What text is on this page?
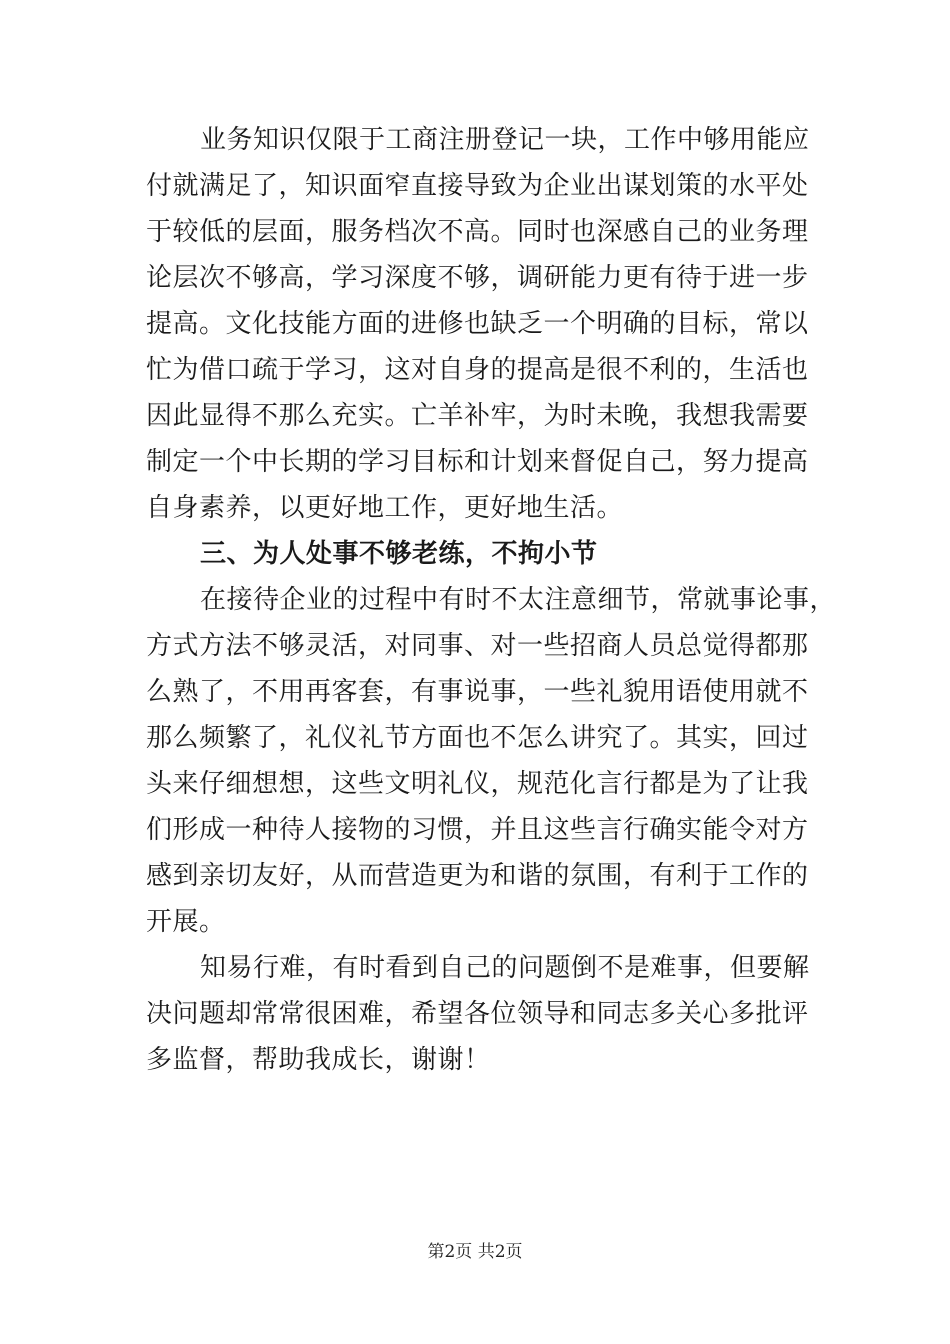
业务知识仅限于工商注册登记一块，工作中够用能应
付就满足了，知识面窄直接导致为企业出谋划策的水平处
于较低的层面，服务档次不高。同时也深感自己的业务理
论层次不够高，学习深度不够，调研能力更有待于进一步
提高。文化技能方面的进修也缺乏一个明确的目标，常以
忙为借口疏于学习，这对自身的提高是很不利的，生活也
因此显得不那么充实。亡羊补牢，为时未晚，我想我需要
制定一个中长期的学习目标和计划来督促自己，努力提高
自身素养，以更好地工作，更好地生活。
三、为人处事不够老练，不拘小节
在接待企业的过程中有时不太注意细节，常就事论事，
方式方法不够灵活，对同事、对一些招商人员总觉得都那
么熟了，不用再客套，有事说事，一些礼貌用语使用就不
那么频繁了，礼仪礼节方面也不怎么讲究了。其实，回过
头来仔细想想，这些文明礼仪，规范化言行都是为了让我
们形成一种待人接物的习惯，并且这些言行确实能令对方
感到亲切友好，从而营造更为和谐的氛围，有利于工作的
开展。
知易行难，有时看到自己的问题倒不是难事，但要解
决问题却常常很困难，希望各位领导和同志多关心多批评
多监督，帮助我成长，谢谢！
第2页 共2页
